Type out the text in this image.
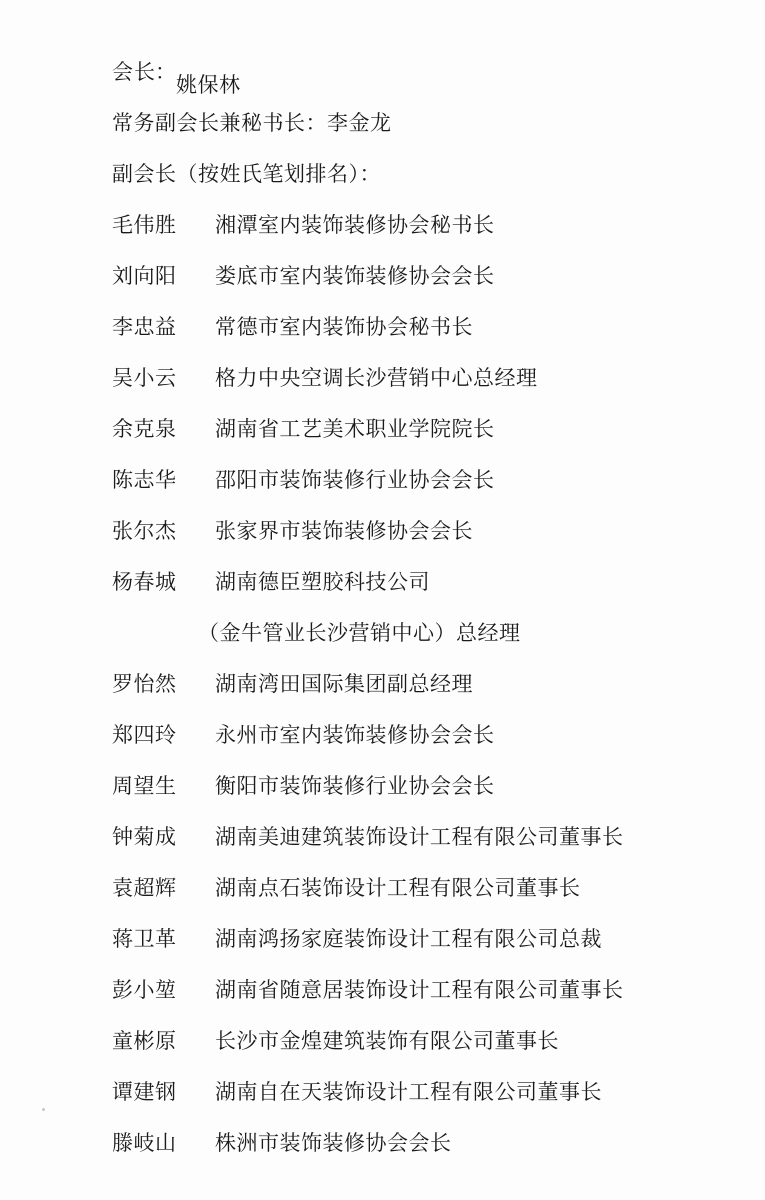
会 长：
姚保林
常务副会长兼秘书长：李金龙
副会长（按姓氏笔划排名）：
毛伟胜 湘潭室内装饰装修协会秘书长
刘向阳 娄底市室内装饰装修协会会长
李忠益 常德市室内装饰协会秘书长
吴小云 格力中央空调长沙营销中心总经理
余克泉 湖南省工艺美术职业学院院长
陈志华 邵阳市装饰装修行业协会会长
张尔杰 张家界市装饰装修协会会长
杨春城 湖南德臣塑胶科技公司
（金牛管业长沙营销中心）总经理
罗怡然 湖南湾田国际集团副总经理
郑四玲 永州市室内装饰装修协会会长
周望生 衡阳市装饰装修行业协会会长
钟菊成 湖南美迪建筑装饰设计工程有限公司董事长
袁超辉 湖南点石装饰设计工程有限公司董事长
蒋卫革 湖南鸿扬家庭装饰设计工程有限公司总裁
彭小堃 湖南省随意居装饰设计工程有限公司董事长
童彬原 长沙市金煌建筑装饰有限公司董事长
谭建钢 湖南自在天装饰设计工程有限公司董事长
滕岐山 株洲市装饰装修协会会长
